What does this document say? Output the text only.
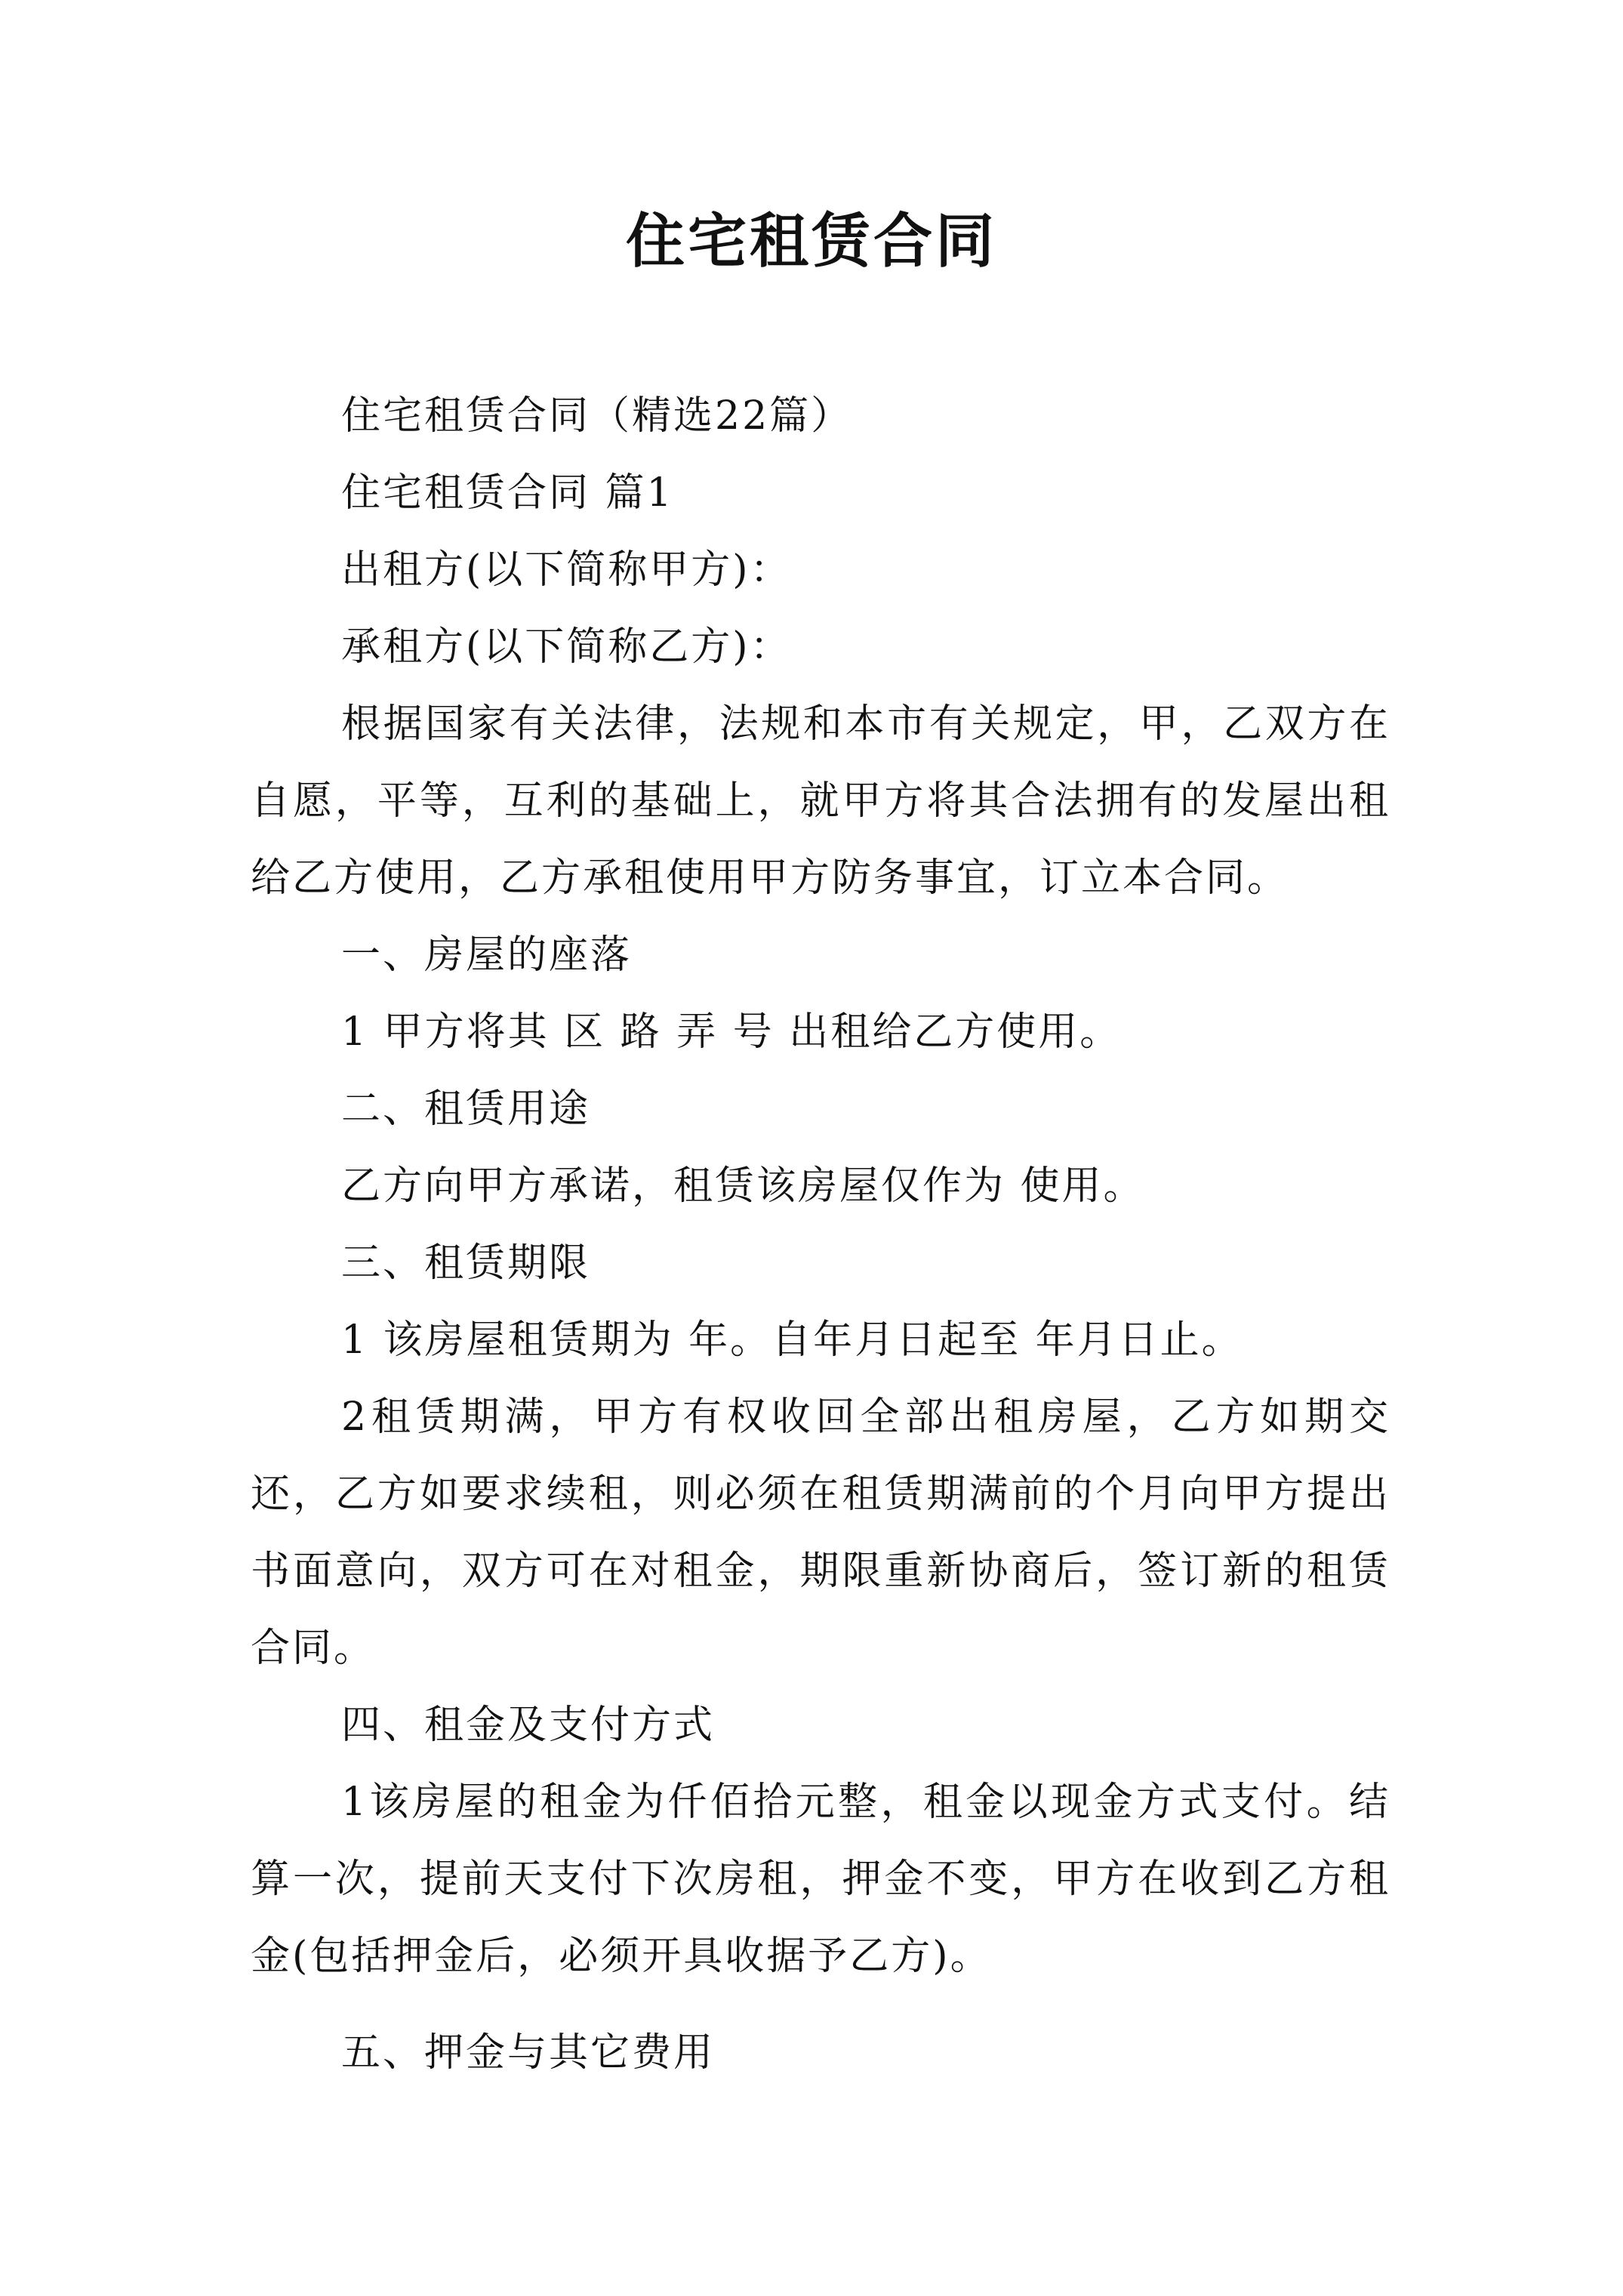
住宅租赁合同

住宅租赁合同（精选22篇）

住宅租赁合同 篇1

出租方(以下简称甲方)：

承租方(以下简称乙方)：

根据国家有关法律，法规和本市有关规定，甲，乙双方在自愿，平等，互利的基础上，就甲方将其合法拥有的发屋出租给乙方使用，乙方承租使用甲方防务事宜，订立本合同。

一、房屋的座落

1 甲方将其 区 路 弄 号 出租给乙方使用。

二、租赁用途

乙方向甲方承诺，租赁该房屋仅作为 使用。

三、租赁期限

1 该房屋租赁期为 年。自年月日起至 年月日止。

2租赁期满，甲方有权收回全部出租房屋，乙方如期交还，乙方如要求续租，则必须在租赁期满前的个月向甲方提出书面意向，双方可在对租金，期限重新协商后，签订新的租赁合同。

四、租金及支付方式

1该房屋的租金为仟佰拾元整，租金以现金方式支付。结算一次，提前天支付下次房租，押金不变，甲方在收到乙方租金(包括押金后，必须开具收据予乙方)。

五、押金与其它费用
